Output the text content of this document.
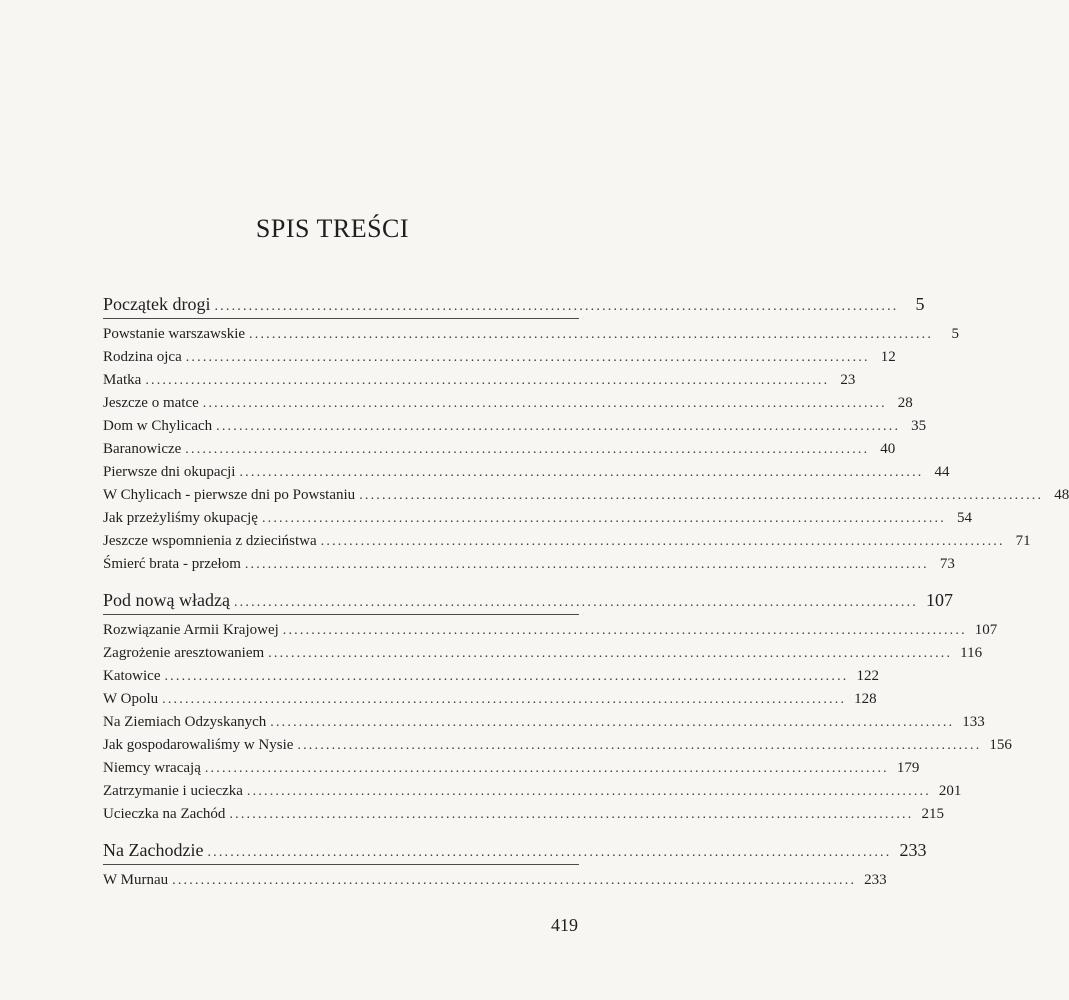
SPIS TREŚCI
Początek drogi ........................................................................................................................ 5
Powstanie warszawskie ........................................................................................................................	5
Rodzina ojca ........................................................................................................................ 12
Matka ........................................................................................................................ 23
Jeszcze o matce ........................................................................................................................ 28
Dom w Chylicach ........................................................................................................................ 35
Baranowicze ........................................................................................................................ 40
Pierwsze dni okupacji ........................................................................................................................ 44
W Chylicach - pierwsze dni po Powstaniu ........................................................................................................................ 48
Jak przeżyliśmy okupację ........................................................................................................................ 54
Jeszcze wspomnienia z dzieciństwa ........................................................................................................................ 71
Śmierć brata - przełom ........................................................................................................................ 73
Pod nową władzą ........................................................................................................................ 107
Rozwiązanie Armii Krajowej ........................................................................................................................ 107
Zagrożenie aresztowaniem ........................................................................................................................ 116
Katowice ........................................................................................................................ 122
W Opolu ........................................................................................................................ 128
Na Ziemiach Odzyskanych ........................................................................................................................ 133
Jak gospodarowaliśmy w Nysie ........................................................................................................................ 156
Niemcy wracają ........................................................................................................................ 179
Zatrzymanie i ucieczka ........................................................................................................................ 201
Ucieczka na Zachód ........................................................................................................................ 215
Na Zachodzie ........................................................................................................................ 233
W Murnau ........................................................................................................................ 233
419
